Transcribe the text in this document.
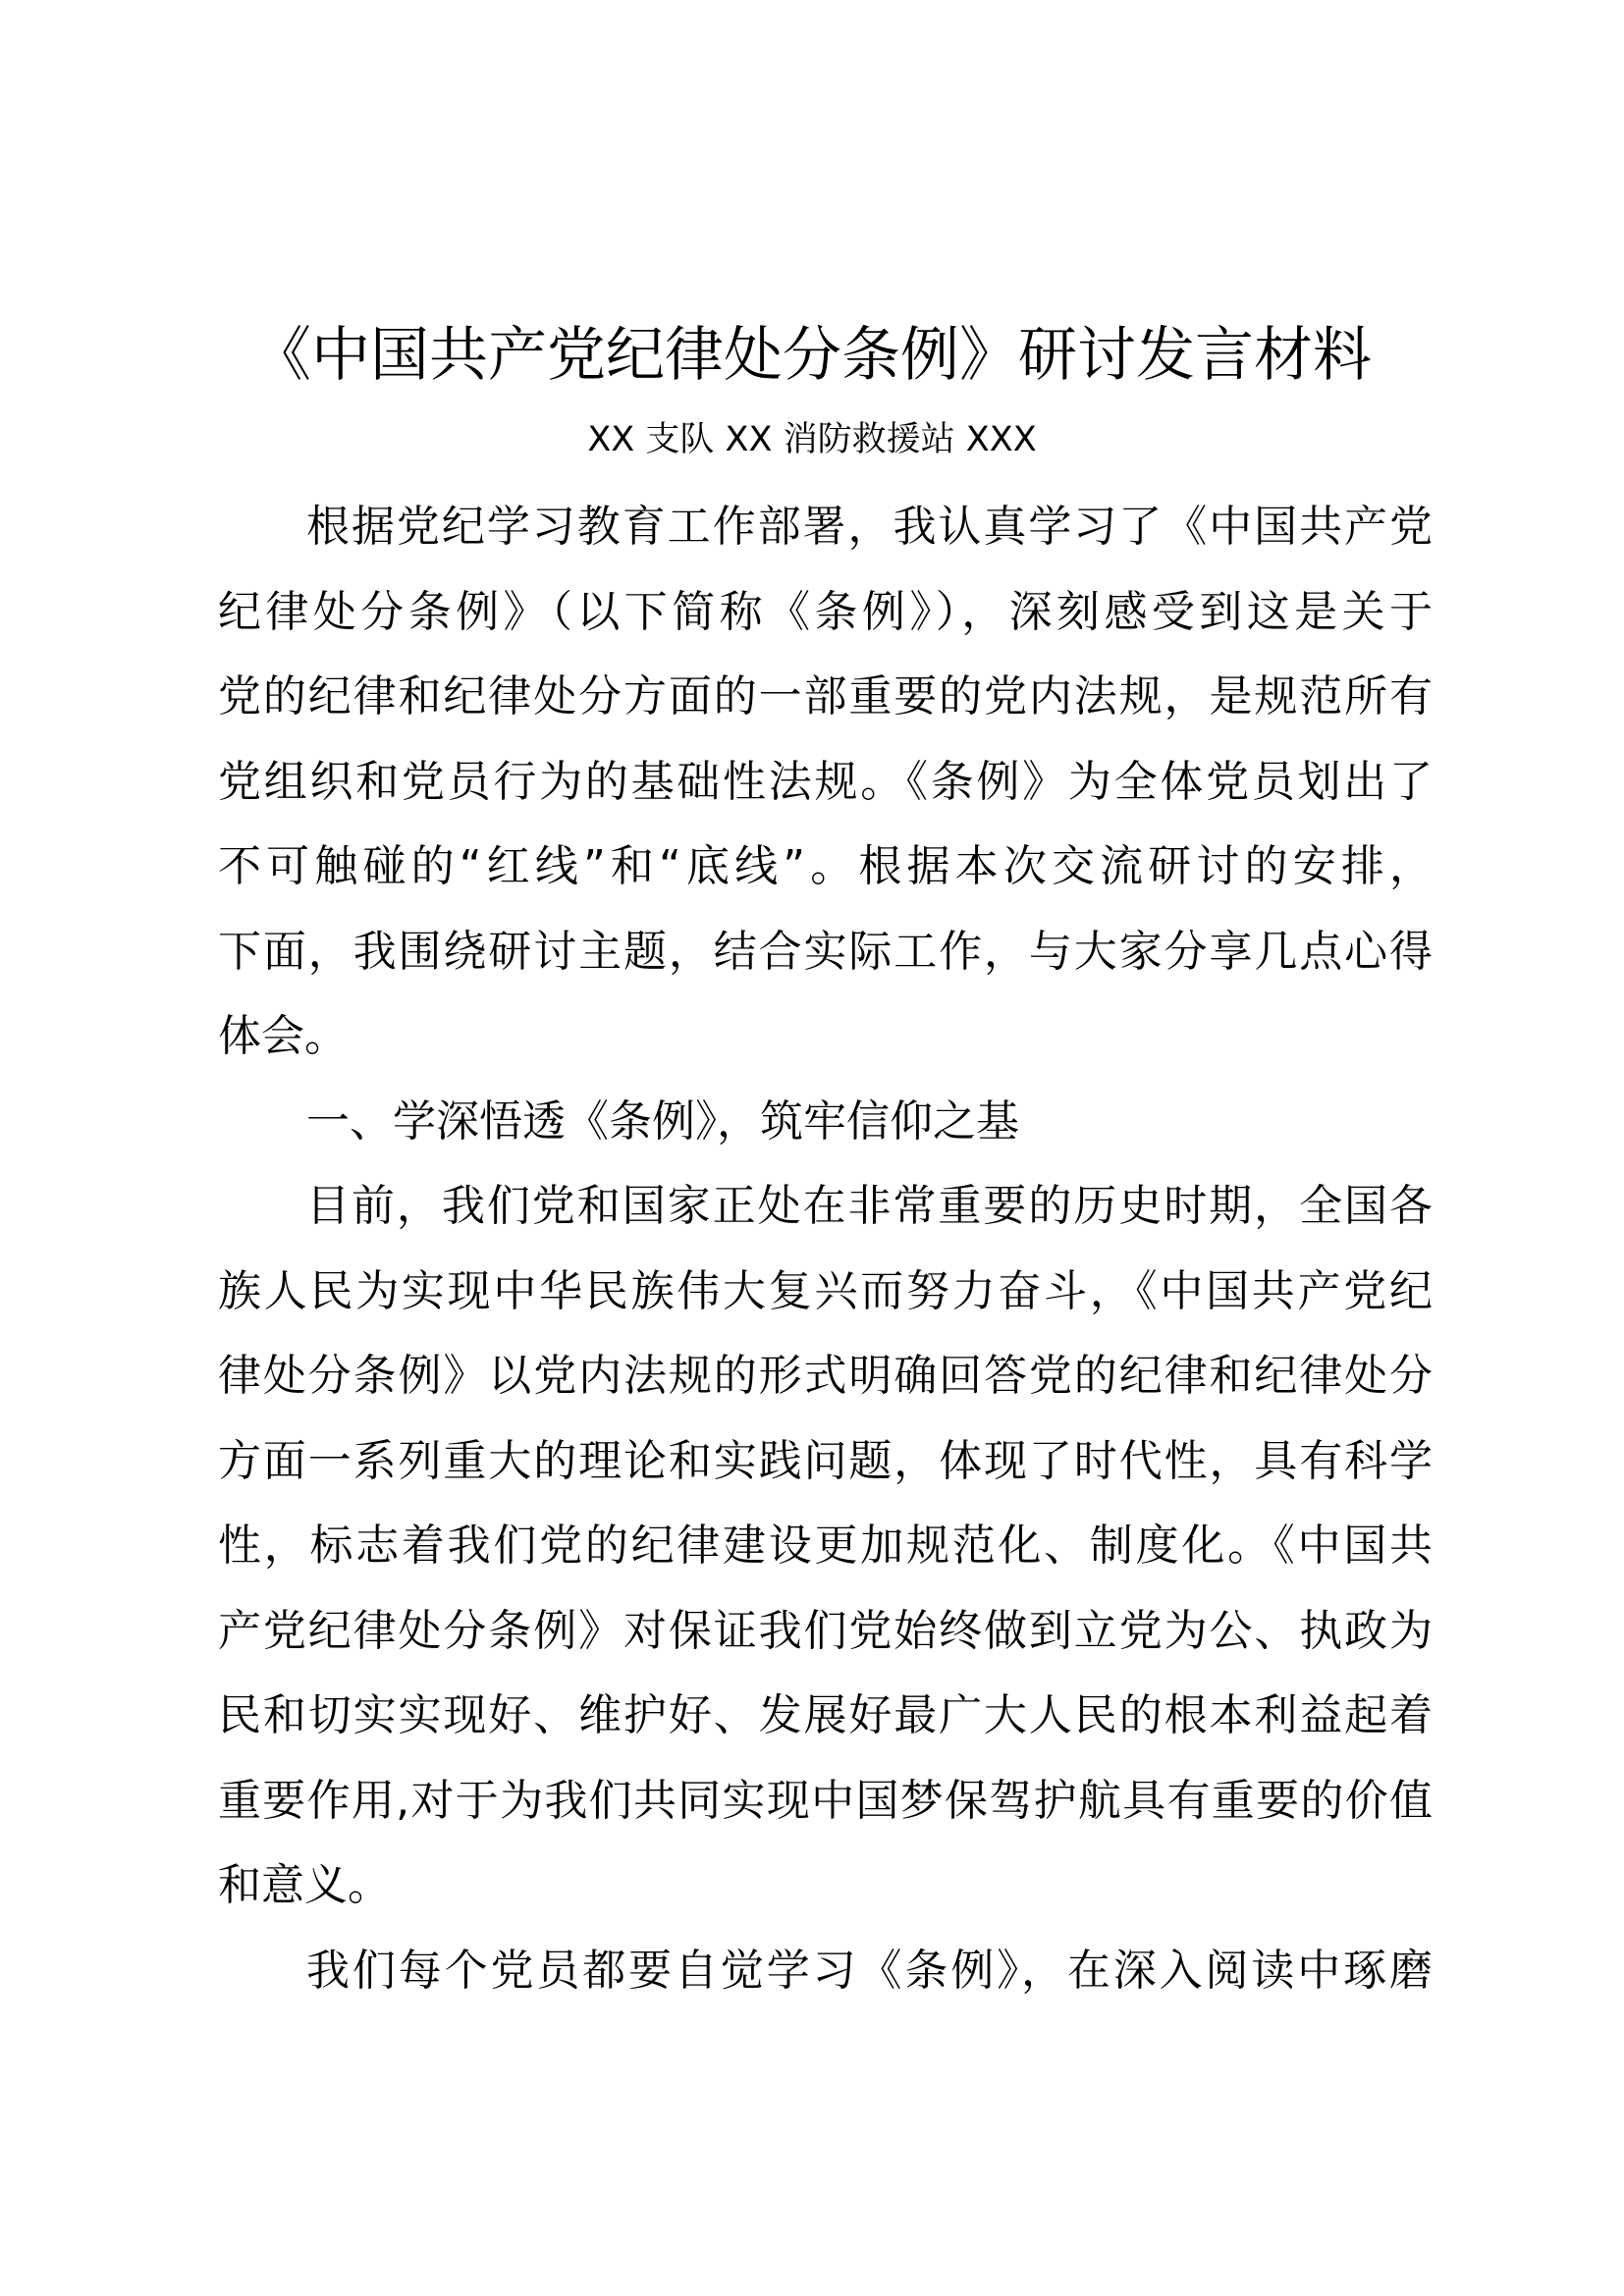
《中国共产党纪律处分条例》研讨发言材料
XX 支队 XX 消防救援站 XXX
根据党纪学习教育工作部署，我认真学习了《中国共产党
纪律处分条例》（以下简称《条例》），深刻感受到这是关于
党的纪律和纪律处分方面的一部重要的党内法规，是规范所有
党组织和党员行为的基础性法规。《条例》为全体党员划出了
不可触碰的“红线”和“底线”。根据本次交流研讨的安排，
下面，我围绕研讨主题，结合实际工作，与大家分享几点心得
体会。
一、学深悟透《条例》，筑牢信仰之基
目前，我们党和国家正处在非常重要的历史时期，全国各
族人民为实现中华民族伟大复兴而努力奋斗，《中国共产党纪
律处分条例》以党内法规的形式明确回答党的纪律和纪律处分
方面一系列重大的理论和实践问题，体现了时代性，具有科学
性，标志着我们党的纪律建设更加规范化、制度化。《中国共
产党纪律处分条例》对保证我们党始终做到立党为公、执政为
民和切实实现好、维护好、发展好最广大人民的根本利益起着
重要作用,对于为我们共同实现中国梦保驾护航具有重要的价值
和意义。
我们每个党员都要自觉学习《条例》，在深入阅读中琢磨
